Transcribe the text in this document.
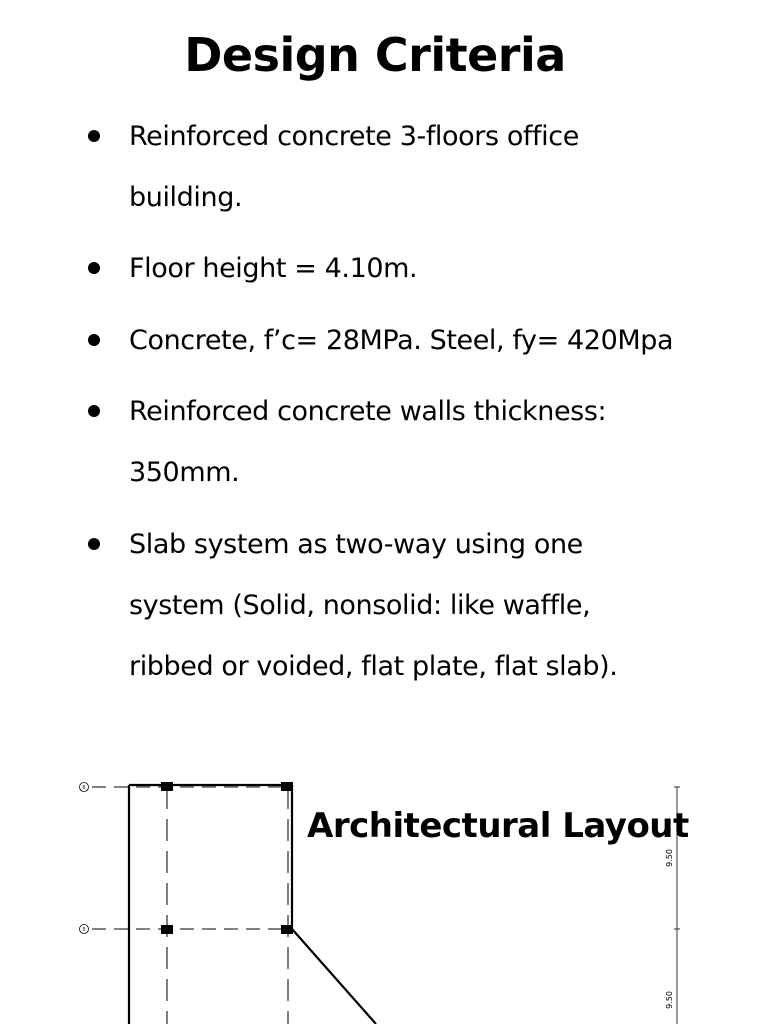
Design Criteria
Reinforced concrete 3-floors office
building.
Floor height = 4.10m.
Concrete, f’c= 28MPa. Steel, fy= 420Mpa
Reinforced concrete walls thickness:
350mm.
Slab system as two-way using one
system (Solid, nonsolid: like waffle,
ribbed or voided, flat plate, flat slab).
6
5
9.50
9.50
Architectural Layout
